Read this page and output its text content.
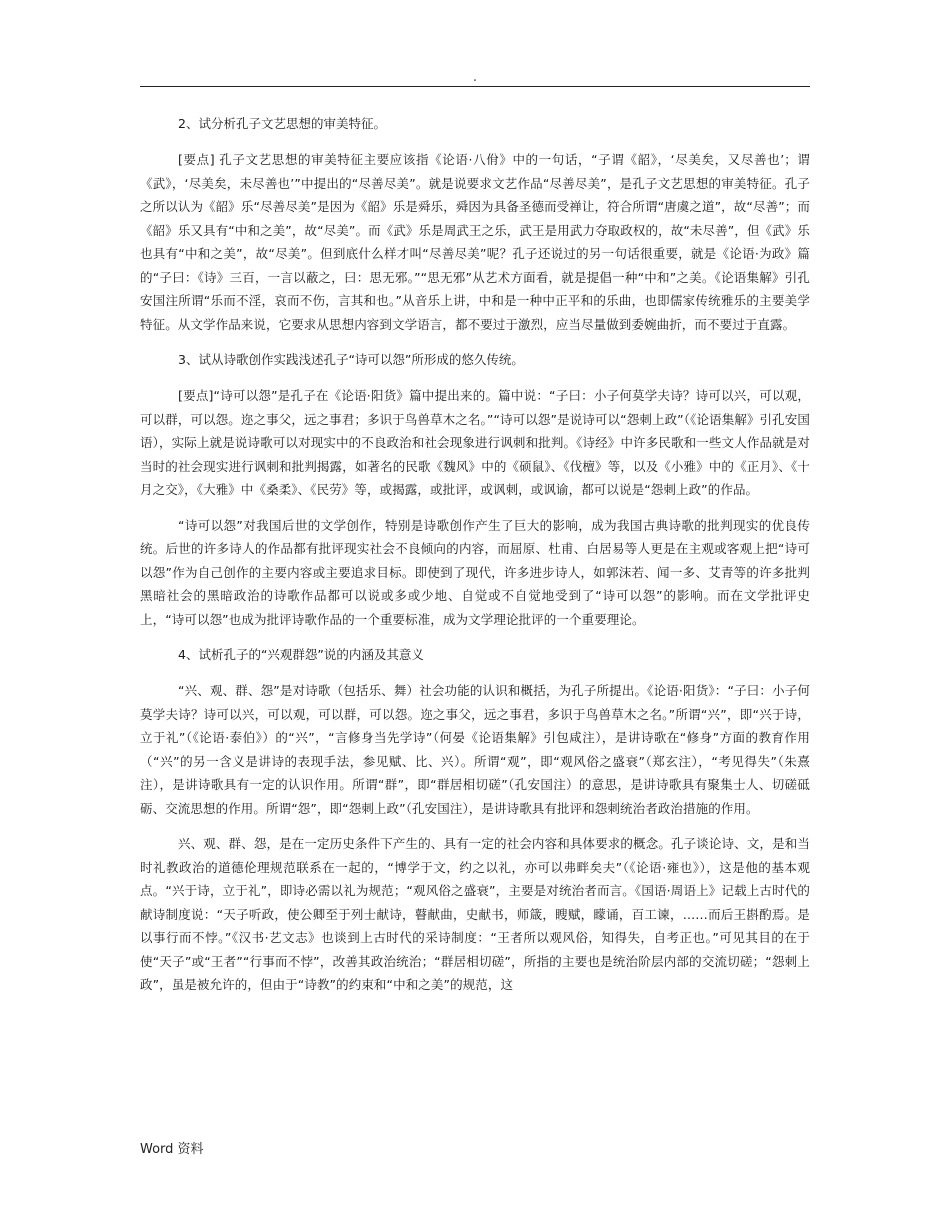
.
2、试分析孔子文艺思想的审美特征。

[要点] 孔子文艺思想的审美特征主要应该指《论语·八佾》中的一句话，“子谓《韶》，‘尽美矣，又尽善也’；谓《武》，‘尽美矣，未尽善也’”中提出的“尽善尽美”。就是说要求文艺作品“尽善尽美”，是孔子文艺思想的审美特征。孔子之所以认为《韶》乐“尽善尽美”是因为《韶》乐是舜乐，舜因为具备圣德而受禅让，符合所谓“唐虞之道”，故“尽善”；而《韶》乐又具有“中和之美”，故“尽美”。而《武》乐是周武王之乐，武王是用武力夺取政权的，故“未尽善”，但《武》乐也具有“中和之美”，故“尽美”。但到底什么样才叫“尽善尽美”呢？孔子还说过的另一句话很重要，就是《论语·为政》篇的“子曰：《诗》三百，一言以蔽之，曰：思无邪。”“思无邪”从艺术方面看，就是提倡一种“中和”之美。《论语集解》引孔安国注所谓“乐而不淫，哀而不伤，言其和也。”从音乐上讲，中和是一种中正平和的乐曲，也即儒家传统雅乐的主要美学特征。从文学作品来说，它要求从思想内容到文学语言，都不要过于激烈，应当尽量做到委婉曲折，而不要过于直露。

3、试从诗歌创作实践浅述孔子“诗可以怨”所形成的悠久传统。

[要点]“诗可以怨”是孔子在《论语·阳货》篇中提出来的。篇中说：“子曰：小子何莫学夫诗？诗可以兴，可以观，可以群，可以怨。迩之事父，远之事君；多识于鸟兽草木之名。”“诗可以怨”是说诗可以“怨刺上政”（《论语集解》引孔安国语），实际上就是说诗歌可以对现实中的不良政治和社会现象进行讽刺和批判。《诗经》中许多民歌和一些文人作品就是对当时的社会现实进行讽刺和批判揭露，如著名的民歌《魏风》中的《硕鼠》、《伐檀》等，以及《小雅》中的《正月》、《十月之交》，《大雅》中《桑柔》、《民劳》等，或揭露，或批评，或讽刺，或讽谕，都可以说是“怨刺上政”的作品。

“诗可以怨”对我国后世的文学创作，特别是诗歌创作产生了巨大的影响，成为我国古典诗歌的批判现实的优良传统。后世的许多诗人的作品都有批评现实社会不良倾向的内容，而屈原、杜甫、白居易等人更是在主观或客观上把“诗可以怨”作为自己创作的主要内容或主要追求目标。即使到了现代，许多进步诗人，如郭沫若、闻一多、艾青等的许多批判黑暗社会的黑暗政治的诗歌作品都可以说或多或少地、自觉或不自觉地受到了“诗可以怨”的影响。而在文学批评史上，“诗可以怨”也成为批评诗歌作品的一个重要标准，成为文学理论批评的一个重要理论。

4、试析孔子的“兴观群怨”说的内涵及其意义

“兴、观、群、怨”是对诗歌（包括乐、舞）社会功能的认识和概括，为孔子所提出。《论语·阳货》：“子曰：小子何莫学夫诗？诗可以兴，可以观，可以群，可以怨。迩之事父，远之事君，多识于鸟兽草木之名。”所谓“兴”，即“兴于诗，立于礼”（《论语·泰伯》）的“兴”，“言修身当先学诗”（何晏《论语集解》引包咸注），是讲诗歌在“修身”方面的教育作用（“兴”的另一含义是讲诗的表现手法，参见赋、比、兴）。所谓“观”，即“观风俗之盛衰”（郑玄注），“考见得失”（朱熹注），是讲诗歌具有一定的认识作用。所谓“群”，即“群居相切磋”（孔安国注）的意思，是讲诗歌具有聚集士人、切磋砥砺、交流思想的作用。所谓“怨”，即“怨刺上政”（孔安国注），是讲诗歌具有批评和怨刺统治者政治措施的作用。

兴、观、群、怨，是在一定历史条件下产生的、具有一定的社会内容和具体要求的概念。孔子谈论诗、文，是和当时礼教政治的道德伦理规范联系在一起的，“博学于文，约之以礼，亦可以弗畔矣夫”（《论语·雍也》），这是他的基本观点。“兴于诗，立于礼”，即诗必需以礼为规范；“观风俗之盛衰”，主要是对统治者而言。《国语·周语上》记载上古时代的献诗制度说：“天子听政，使公卿至于列士献诗，瞽献曲，史献书，师箴，瞍赋，矇诵，百工谏，……而后王斟酌焉。是以事行而不悖。”《汉书·艺文志》也谈到上古时代的采诗制度：“王者所以观风俗，知得失，自考正也。”可见其目的在于使“天子”或“王者”“行事而不悖”，改善其政治统治；“群居相切磋”，所指的主要也是统治阶层内部的交流切磋；“怨刺上政”，虽是被允许的，但由于“诗教”的约束和“中和之美”的规范，这

Word 资料
